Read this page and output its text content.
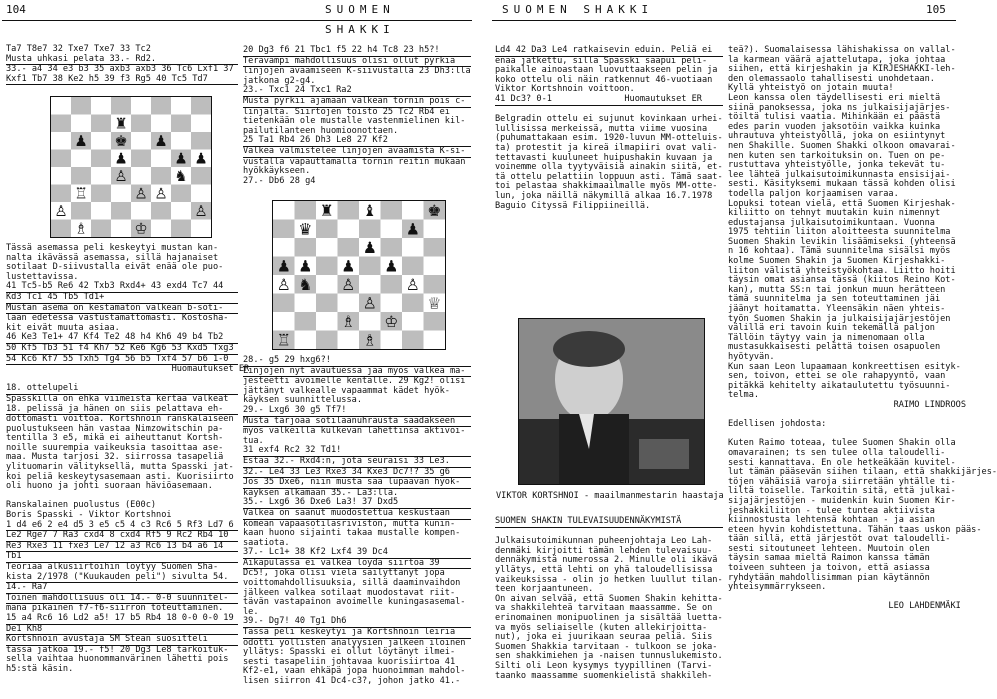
104	SUOMEN SHAKKI
SUOMEN SHAKKI	105
Ta7 T8e7 32 Txe7 Txe7 33 Tc2
Musta uhkasi pelata 33.- Rd2.
33.- a4 34 e3 b3 35 axb3 axb3 36 Tc6 Lxf1 37
Kxf1 Tb7 38 Ke2 h5 39 f3 Rg5 40 Tc5 Td7
♜
♟ ♚ ♟
♟	♟ ♟
♙	♞
♖	♙ ♙
♙	♙
♔
♗
Tässä asemassa peli keskeytyi mustan kan-
nalta ikävässä asemassa, sillä hajanaiset
sotilaat D-siivustalla eivät enää ole puo-
lustettavissa.
41 Tc5-b5 Re6 42 Txb3 Rxd4+ 43 exd4 Tc7 44
Kd3 Tc1 45 Tb5 Td1+
Mustan asema on kestämätön valkean b-soti-
laan edetessä vastustamattomasti. Kostosha-
kit eivät muuta asiaa.
46 Ke3 Te1+ 47 Kf4 Te2 48 h4 Kh6 49 b4 Tb2
50 Kf5 Tb3 51 f4 Kh7 52 Ke6 Kg6 53 Kxd5 Txg3
54 Kc6 Kf7 55 Txh5 Tg4 56 b5 Txf4 57 b6 1-0
Huomautukset ER
18. ottelupeli
Spasskilla on ehkä viimeistä kertaa valkeat
18. pelissä ja hänen on siis pelattava eh-
dottomasti voittoa. Kortshnoin ranskalaiseen
puolustukseen hän vastaa Nimzowitschin pa-
tentilla 3 e5, mikä ei aiheuttanut Kortsh-
noille suurempia vaikeuksia tasoittaa ase-
maa. Musta tarjosi 32. siirrossa tasapeliä
ylituomarin välityksellä, mutta Spasski jat-
koi peliä keskeytysasemaan asti. Kuorisiirto
oli huono ja johti suoraan häviöasemaan.
Ranskalainen puolustus (E00c)
Boris Spasski - Viktor Kortshnoi
1 d4 e6 2 e4 d5 3 e5 c5 4 c3 Rc6 5 Rf3 Ld7 6
Le2 Rge7 7 Ra3 cxd4 8 cxd4 Rf5 9 Rc2 Rb4 10
Re3 Rxe3 11 fxe3 Le7 12 a3 Rc6 13 b4 a6 14
Tb1
Teoriaa alkusiirtoihin löytyy Suomen Sha-
kista 2/1978 ("Kuukauden peli") sivulta 54.
14.- Ra7
Toinen mahdollisuus oli 14.- 0-0 suunnitel-
mana pikainen f7-f6-siirron toteuttaminen.
15 a4 Rc6 16 Ld2 a5! 17 b5 Rb4 18 0-0 0-0 19
De1 Kh8
Kortshnoin avustaja SM Stean suositteli
tässä jatkoa 19.- f5! 20 Dg3 Le8 tarkoituk-
sella vaihtaa huonommanvärinen lähetti pois
h5:stä käsin.
20 Dg3 f6 21 Tbc1 f5 22 h4 Tc8 23 h5?!
Terävämpi mahdollisuus olisi ollut pyrkiä
linjojen avaamiseen K-siivustalla 23 Dh3:lla
jatkona g2-g4.
23.- Txc1 24 Txc1 Ra2
Musta pyrkii ajamaan valkean tornin pois c-
linjalta. Siirtojen toisto 25 Tc2 Rb4 ei
tietenkään ole mustalle vastenmielinen kil-
pailutilanteen huomioonottaen.
25 Ta1 Rb4 26 Dh3 Le8 27 Kf2
Valkea valmistelee linjojen avaamista K-si-
vustalla vapauttamalla tornin reitin mukaan
hyökkäykseen.
27.- Db6 28 g4
♜ ♝	♚
♛	♟
♟
♟ ♟ ♟ ♟
♙ ♞ ♙	♙
♙	♕
♗ ♔
♖	♗
28.- g5 29 hxg6?!
Linjojen nyt avautuessa jää myös valkea ma-
jesteetti avoimelle kentälle. 29 Kg2! olisi
jättänyt valkealle vapaammat kädet hyök-
käyksen suunnittelussa.
29.- Lxg6 30 g5 Tf7!
Musta tarjoaa sotilaanuhrausta saadakseen
myös valkeilla kulkevan lähettinsä aktivoi-
tua.
31 exf4 Rc2 32 Td1!
Estää 32.- Rxd4:n, jota seuraisi 33 Le3.
32.- Le4 33 Le3 Rxe3 34 Kxe3 Dc7!? 35 g6
Jos 35 Dxe6, niin musta saa lupaavan hyök-
käyksen alkamaan 35.- La3:lla.
35.- Lxg6 36 Dxe6 La3! 37 Dxd5
Valkea on saanut muodostettua keskustaan
komean vapaasotilasrivistön, mutta kunin-
kaan huono sijainti takaa mustalle kompen-
saatiota.
37.- Lc1+ 38 Kf2 Lxf4 39 Dc4
Aikapulassa ei valkea löydä siirtoa 39
Dc5!, joka olisi vielä säilyttänyt jopa
voittomahdollisuuksia, sillä daaminvaihdon
jälkeen valkea sotilaat muodostavat riit-
tävän vastapainon avoimelle kuningasasemal-
le.
39.- Dg7! 40 Tg1 Dh6
Tässä peli keskeytyi ja Kortshnoin leiriä
odotti yöllisten analyysien jälkeen iloinen
yllätys: Spasski ei ollut löytänyt ilmei-
sesti tasapeliin johtavaa kuorisiirtoa 41
Kf2-e1, vaan ehkäpä jopa huonoimman mahdol-
lisen siirron 41 Dc4-c3?, johon jatko 41.-
Ld4 42 Da3 Le4 ratkaisevin eduin. Peliä ei
enää jatkettu, sillä Spasski saapui peli-
paikalle ainoastaan luovuttaakseen pelin ja
koko ottelu oli näin ratkennut 46-vuotiaan
Viktor Kortshnoin voittoon.
41 Dc3? 0-1              Huomautukset ER
Belgradin ottelu ei sujunut kovinkaan urhei-
lullisissa merkeissä, mutta viime vuosina
(puhumattakaan esim. 1920-luvun MM-otteluis-
ta) protestit ja kireä ilmapiiri ovat vali-
tettavasti kuuluneet huipushakin kuvaan ja
voinemme olla tyytyväisiä ainakin siitä, et-
tä ottelu pelattiin loppuun asti. Tämä saat-
toi pelastaa shakkimaailmalle myös MM-otte-
lun, joka näillä näkymillä alkaa 16.7.1978
Baguio Cityssä Filippiineillä.
VIKTOR KORTSHNOI - maailmanmestarin haastaja
SUOMEN SHAKIN TULEVAISUUDENNÄKYMISTÄ
Julkaisutoimikunnan puheenjohtaja Leo Lah-
denmäki kirjoitti tämän lehden tulevaisuu-
dennäkymistä numerossa 2. Minulle oli ikävä
yllätys, että lehti on yhä taloudellisissa
vaikeuksissa - olin jo hetken luullut tilan-
teen korjaantuneen.
On aivan selvää, että Suomen Shakin kehitta-
va shakkilehteä tarvitaan maassamme. Se on
erinomainen monipuolinen ja sisältää luetta-
va myös seliaiselle (kuten allekirjoitta-
nut), joka ei juurikaan seuraa peliä. Siis
Suomen Shakkia tarvitaan - tulkoon se joka-
sen shakkimiehen ja -naisen tunnuslukemisto.
Silti oli Leon kysymys tyypillinen (Tarvi-
taanko maassamme suomenkielistä shakkileh-
teä?). Suomalaisessa lähishakissa on vallal-
la karmean väärä ajattelutapa, joka johtaa
siihen, että kirjeshakin ja KIRJESHAKKI-leh-
den olemassaolo tahallisesti unohdetaan.
Kyllä yhteistyö on jotain muuta!
Leon kanssa olen täydellisesti eri mieltä
siinä panoksessa, joka ns julkaisijajärjes-
töiltä tulisi vaatia. Mihinkään ei päästä
edes parin vuoden jaksotöin vaikka kuinka
uhrautuva yhteistyöllä, joka on esiintynyt
nen Shakille. Suomen Shakki olkoon omavarai-
nen kuten sen tarkoituksin on. Tuen on pe-
rustuttava yhteistyölle, jonka tekevät tu-
lee lähteä julkaisutoimikunnasta ensisijai-
sesti. Käsityksemi mukaan tässä kohden olisi
todella paljon korjaamisen varaa.
Lopuksi totean vielä, että Suomen Kirjeshak-
kiliitto on tehnyt muutakin kuin nimennyt
edustajansa julkaisutoimikuntaan. Vuonna
1975 tehtiin liiton aloitteesta suunnitelma
Suomen Shakin levikin lisäämiseksi (yhteensä
n 16 kohtaa). Tämä suunnitelma sisälsi myös
kolme Suomen Shakin ja Suomen Kirjeshakki-
liiton välistä yhteistyökohtaa. Liitto hoiti
täysin omat asiansa tässä (kiitos Reino Kot-
kan), mutta SS:n tai jonkun muun herätteen
tämä suunnitelma ja sen toteuttaminen jäi
jäänyt hoitamatta. Yleensäkin näen yhteis-
työn Suomen Shakin ja julkaisijajärjestöjen
välillä eri tavoin kuin tekemällä paljon
Tällöin täytyy vain ja nimenomaan olla
mustasukkaisesti pelättä toisen osapuolen
hyötyvän.
Kun saan Leon lupaamaan konkreettisen esityk-
sen, toivon, ettei se ole rahapyyntö, vaan
pitäkkä kehitelty aikataulutettu työsuunni-
telma.
RAIMO LINDROOS
Edellisen johdosta:
Kuten Raimo toteaa, tulee Suomen Shakin olla
omavarainen; ts sen tulee olla taloudelli-
sesti kannattava. En ole hetkeäkään kuvitel-
lut tämän pääsevän siihen tilaan, että shakkijärjes-
töjen vähäisiä varoja siirretään yhtälle ti-
liltä toiselle. Tarkoitin sitä, että julkai-
sijajärjestöjen - muidenkin kuin Suomen Kir-
jeshakkiliiton - tulee tuntea aktiivista
kiinnostusta lehtensä kohtaan - ja asian
eteen hyvin kohdistettuna. Tähän taas uskon pääs-
tään sillä, että järjestöt ovat taloudelli-
sesti sitoutuneet lehteen. Muutoin olen
täysin samaa mieltä Raimon kanssa tämän
toiveen suhteen ja toivon, että asiassa
ryhdytään mahdollisimman pian käytännön
yhteisymmärrykseen.
LEO LAHDENMÄKI
